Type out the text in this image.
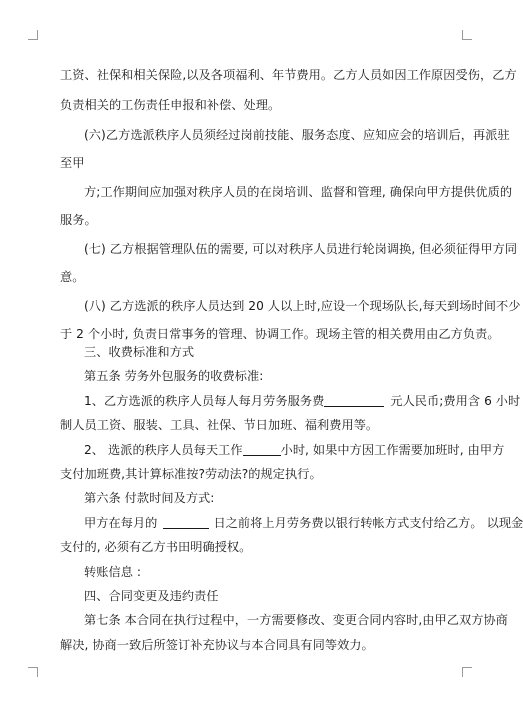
工资、社保和相关保险,以及各项福利、年节费用。乙方人员如因工作原因受伤，乙方
负责相关的工伤责任申报和补偿、处理。
(六)乙方选派秩序人员须经过岗前技能、服务态度、应知应会的培训后，再派驻
至甲
方;工作期间应加强对秩序人员的在岗培训、监督和管理, 确保向甲方提供优质的
服务。
(七) 乙方根据管理队伍的需要, 可以对秩序人员进行轮岗调换, 但必须征得甲方同
意。
(八) 乙方选派的秩序人员达到 20 人以上时,应设一个现场队长,每天到场时间不少
于 2 个小时, 负责日常事务的管理、协调工作。现场主管的相关费用由乙方负责。
三、收费标准和方式
第五条 劳务外包服务的收费标准:
1、乙方选派的秩序人员每人每月劳务服务费	元人民币;费用含 6 小时
制人员工资、服装、工具、社保、节日加班、福利费用等。
2、 选派的秩序人员每天工作	小时, 如果中方因工作需要加班时, 由甲方
支付加班费,其计算标准按?劳动法?的规定执行。
第六条 付款时间及方式:
甲方在每月的	日之前将上月劳务费以银行转帐方式支付给乙方。 以现金
支付的, 必须有乙方书田明确授权。
转账信息 :
四、合同变更及违约责任
第七条 本合同在执行过程中，一方需要修改、变更合同内容时,由甲乙双方协商
解决, 协商一致后所签订补充协议与本合同具有同等效力。
